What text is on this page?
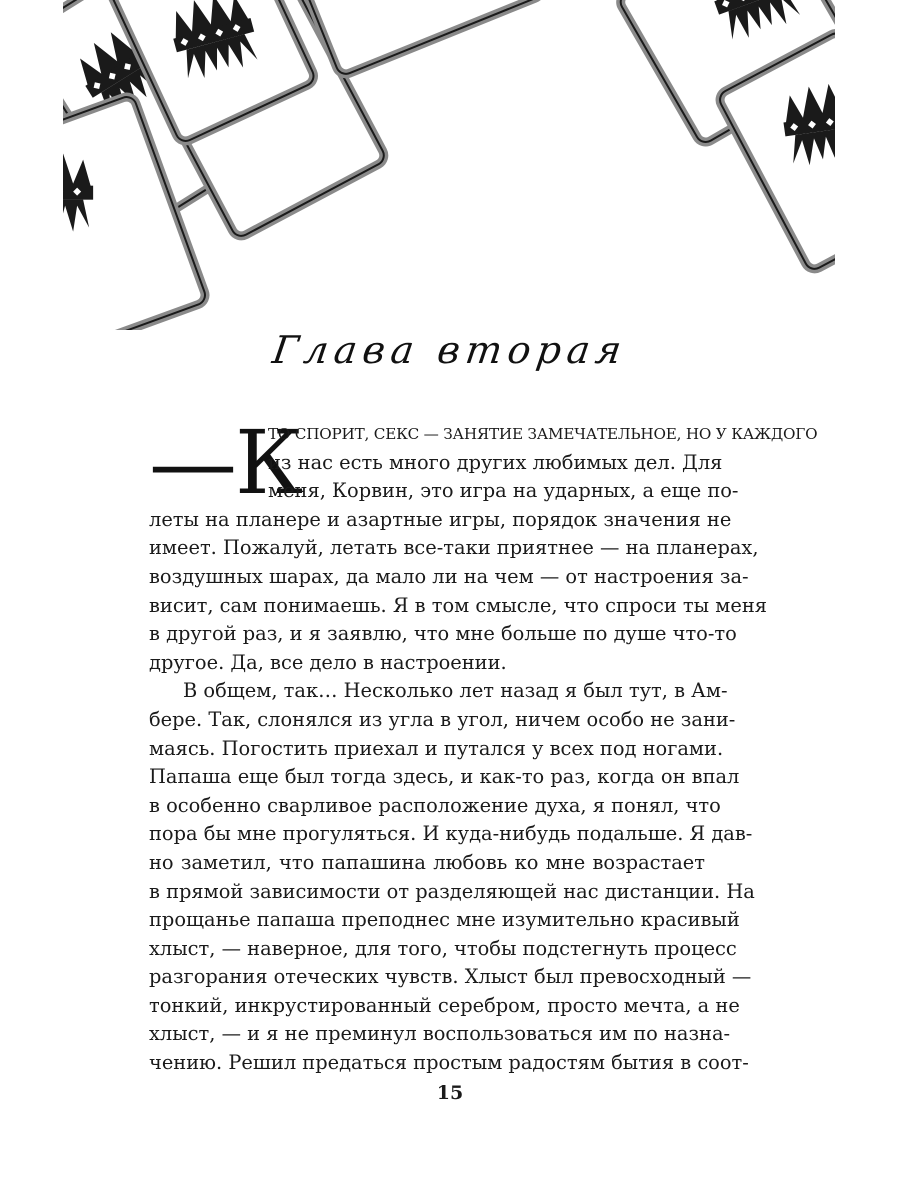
Глава вторая
—К
ТО СПОРИТ, СЕКС — ЗАНЯТИЕ ЗАМЕЧАТЕЛЬНОЕ, НО У КАЖДОГО
из нас есть много других любимых дел. Для
меня, Корвин, это игра на ударных, а еще по-
леты на планере и азартные игры, порядок значения не
имеет. Пожалуй, летать все-таки приятнее — на планерах,
воздушных шарах, да мало ли на чем — от настроения за-
висит, сам понимаешь. Я в том смысле, что спроси ты меня
в другой раз, и я заявлю, что мне больше по душе что-то
другое. Да, все дело в настроении.
В общем, так… Несколько лет назад я был тут, в Ам-
бере. Так, слонялся из угла в угол, ничем особо не зани-
маясь. Погостить приехал и путался у всех под ногами.
Папаша еще был тогда здесь, и как-то раз, когда он впал
в особенно сварливое расположение духа, я понял, что
пора бы мне прогуляться. И куда-нибудь подальше. Я дав-
но заметил, что папашина любовь ко мне возрастает
в прямой зависимости от разделяющей нас дистанции. На
прощанье папаша преподнес мне изумительно красивый
хлыст, — наверное, для того, чтобы подстегнуть процесс
разгорания отеческих чувств. Хлыст был превосходный —
тонкий, инкрустированный серебром, просто мечта, а не
хлыст, — и я не преминул воспользоваться им по назна-
чению. Решил предаться простым радостям бытия в соот-
15
